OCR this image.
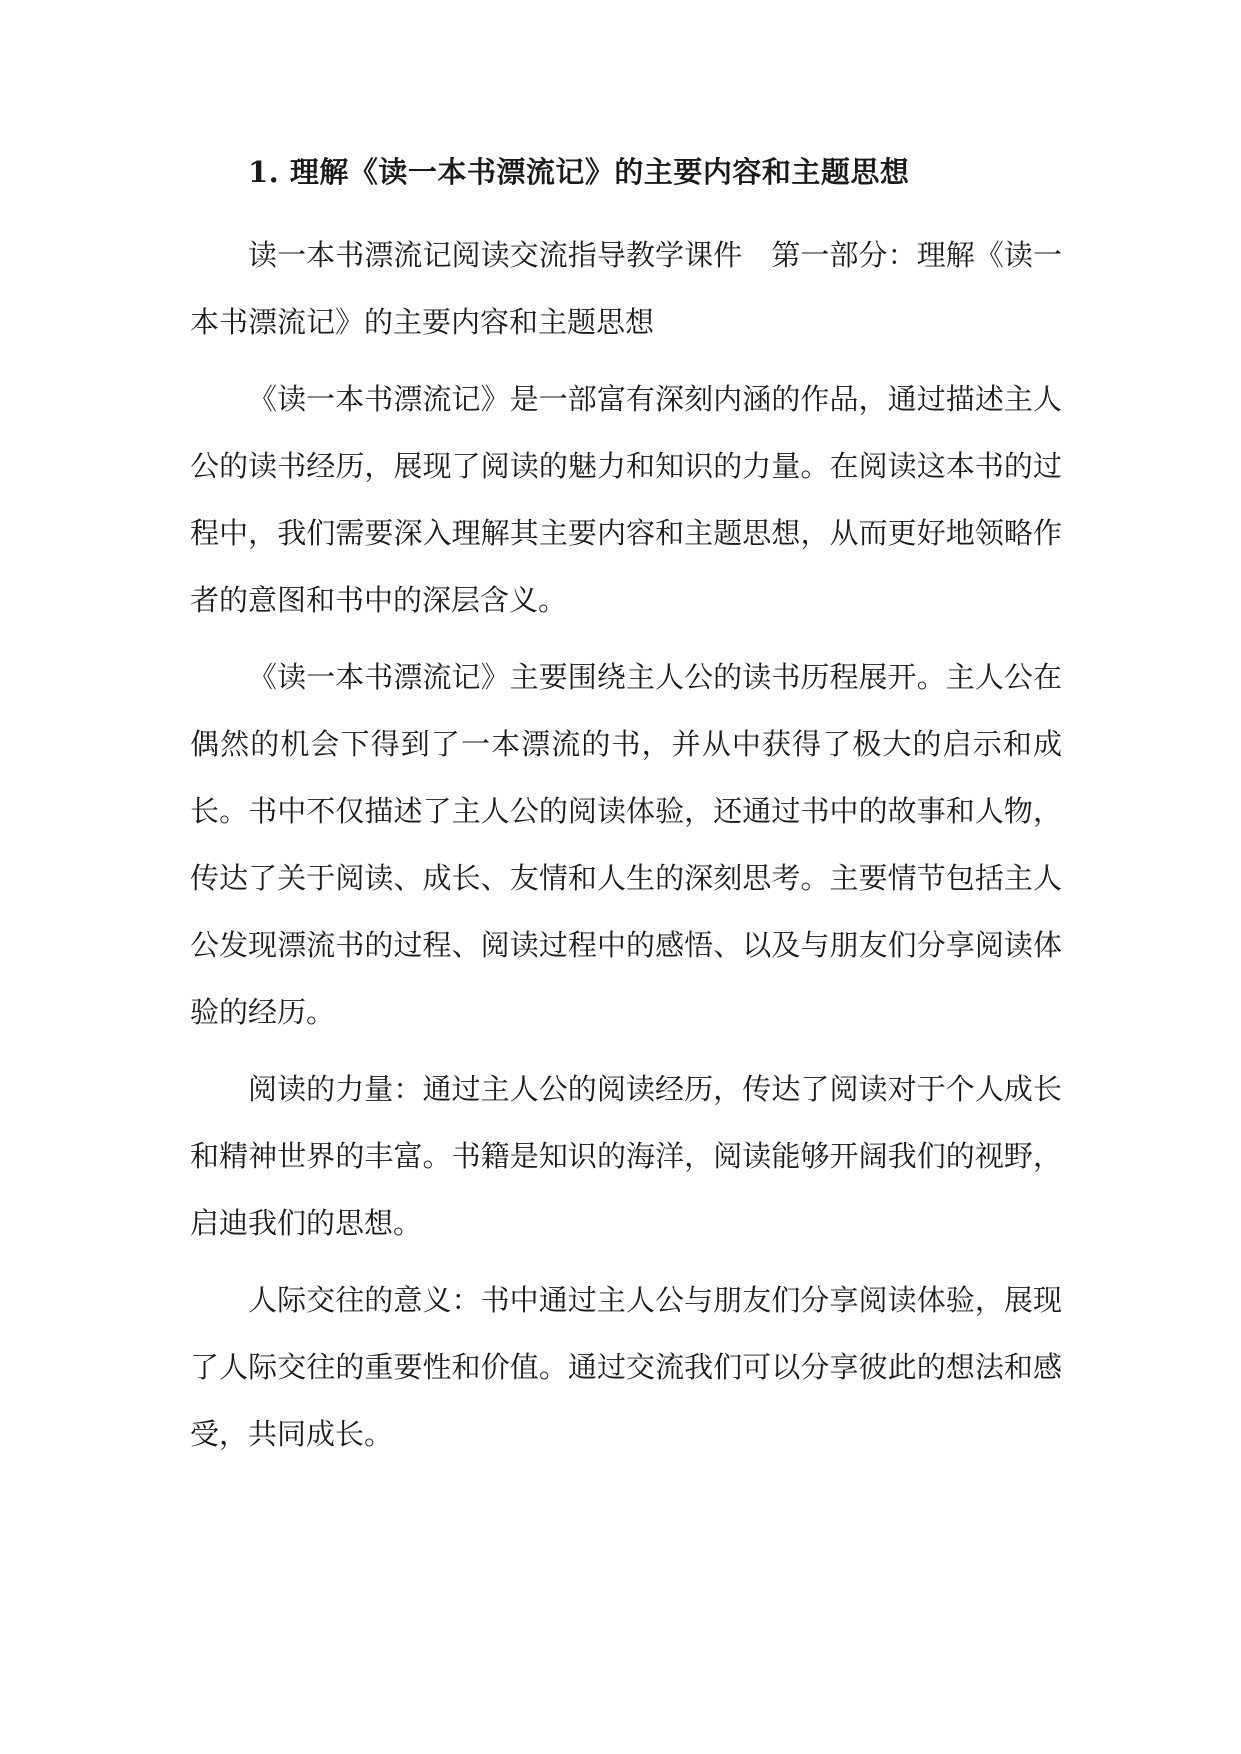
1. 理解《读一本书漂流记》的主要内容和主题思想

读一本书漂流记阅读交流指导教学课件　第一部分：理解《读一本书漂流记》的主要内容和主题思想

《读一本书漂流记》是一部富有深刻内涵的作品，通过描述主人公的读书经历，展现了阅读的魅力和知识的力量。在阅读这本书的过程中，我们需要深入理解其主要内容和主题思想，从而更好地领略作者的意图和书中的深层含义。

《读一本书漂流记》主要围绕主人公的读书历程展开。主人公在偶然的机会下得到了一本漂流的书，并从中获得了极大的启示和成长。书中不仅描述了主人公的阅读体验，还通过书中的故事和人物，传达了关于阅读、成长、友情和人生的深刻思考。主要情节包括主人公发现漂流书的过程、阅读过程中的感悟、以及与朋友们分享阅读体验的经历。

阅读的力量：通过主人公的阅读经历，传达了阅读对于个人成长和精神世界的丰富。书籍是知识的海洋，阅读能够开阔我们的视野，启迪我们的思想。

人际交往的意义：书中通过主人公与朋友们分享阅读体验，展现了人际交往的重要性和价值。通过交流我们可以分享彼此的想法和感受，共同成长。
